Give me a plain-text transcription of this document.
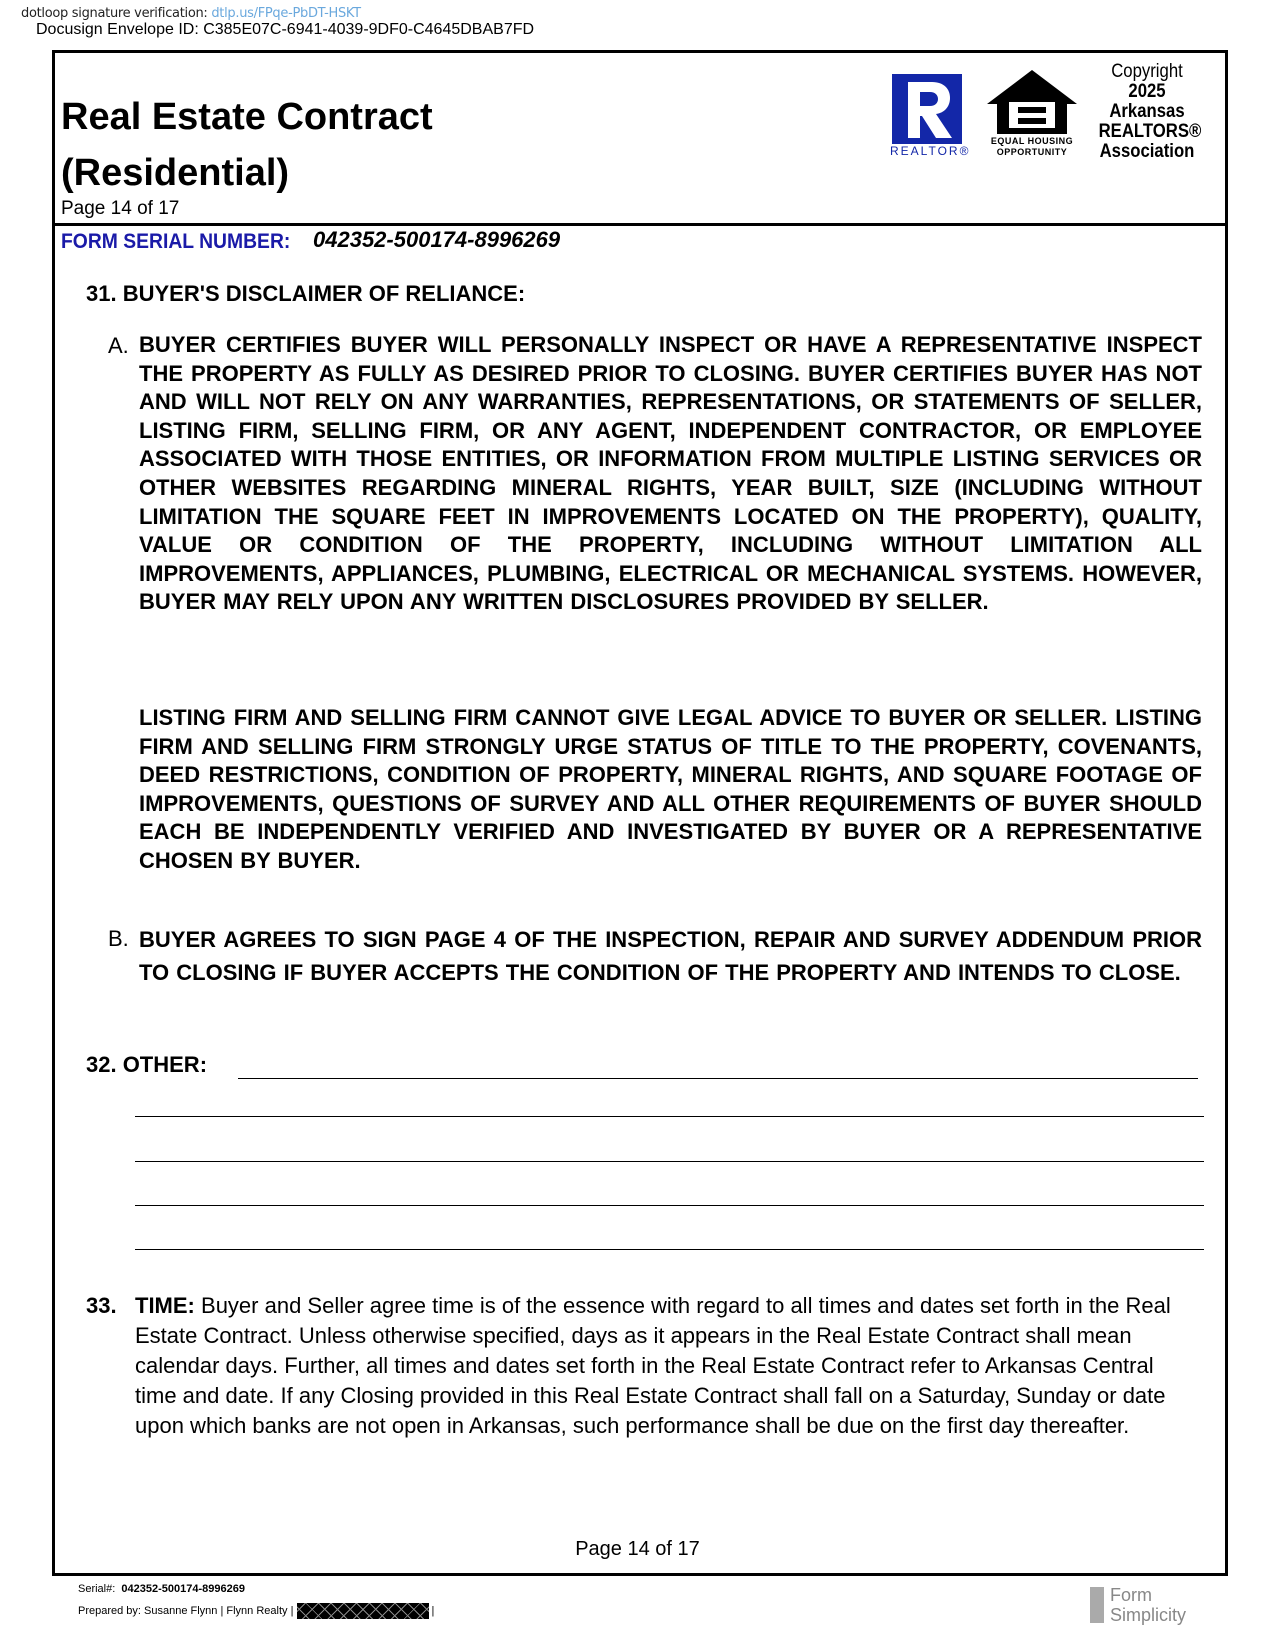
dotloop signature verification: dtlp.us/FPqe-PbDT-HSKT
Docusign Envelope ID: C385E07C-6941-4039-9DF0-C4645DBAB7FD
Real Estate Contract
(Residential)
Page 14 of 17
FORM SERIAL NUMBER: 042352-500174-8996269
REALTOR®
EQUAL HOUSING OPPORTUNITY
Copyright
2025
Arkansas
REALTORS®
Association
31. BUYER'S DISCLAIMER OF RELIANCE:
A. BUYER CERTIFIES BUYER WILL PERSONALLY INSPECT OR HAVE A REPRESENTATIVE INSPECT THE PROPERTY AS FULLY AS DESIRED PRIOR TO CLOSING. BUYER CERTIFIES BUYER HAS NOT AND WILL NOT RELY ON ANY WARRANTIES, REPRESENTATIONS, OR STATEMENTS OF SELLER, LISTING FIRM, SELLING FIRM, OR ANY AGENT, INDEPENDENT CONTRACTOR, OR EMPLOYEE ASSOCIATED WITH THOSE ENTITIES, OR INFORMATION FROM MULTIPLE LISTING SERVICES OR OTHER WEBSITES REGARDING MINERAL RIGHTS, YEAR BUILT, SIZE (INCLUDING WITHOUT LIMITATION THE SQUARE FEET IN IMPROVEMENTS LOCATED ON THE PROPERTY), QUALITY, VALUE OR CONDITION OF THE PROPERTY, INCLUDING WITHOUT LIMITATION ALL IMPROVEMENTS, APPLIANCES, PLUMBING, ELECTRICAL OR MECHANICAL SYSTEMS. HOWEVER, BUYER MAY RELY UPON ANY WRITTEN DISCLOSURES PROVIDED BY SELLER.
LISTING FIRM AND SELLING FIRM CANNOT GIVE LEGAL ADVICE TO BUYER OR SELLER. LISTING FIRM AND SELLING FIRM STRONGLY URGE STATUS OF TITLE TO THE PROPERTY, COVENANTS, DEED RESTRICTIONS, CONDITION OF PROPERTY, MINERAL RIGHTS, AND SQUARE FOOTAGE OF IMPROVEMENTS, QUESTIONS OF SURVEY AND ALL OTHER REQUIREMENTS OF BUYER SHOULD EACH BE INDEPENDENTLY VERIFIED AND INVESTIGATED BY BUYER OR A REPRESENTATIVE CHOSEN BY BUYER.
B. BUYER AGREES TO SIGN PAGE 4 OF THE INSPECTION, REPAIR AND SURVEY ADDENDUM PRIOR TO CLOSING IF BUYER ACCEPTS THE CONDITION OF THE PROPERTY AND INTENDS TO CLOSE.
32. OTHER:
33. TIME: Buyer and Seller agree time is of the essence with regard to all times and dates set forth in the Real Estate Contract. Unless otherwise specified, days as it appears in the Real Estate Contract shall mean calendar days. Further, all times and dates set forth in the Real Estate Contract refer to Arkansas Central time and date. If any Closing provided in this Real Estate Contract shall fall on a Saturday, Sunday or date upon which banks are not open in Arkansas, such performance shall be due on the first day thereafter.
Page 14 of 17
Serial#: 042352-500174-8996269
Prepared by: Susanne Flynn | Flynn Realty |	|
Form
Simplicity
